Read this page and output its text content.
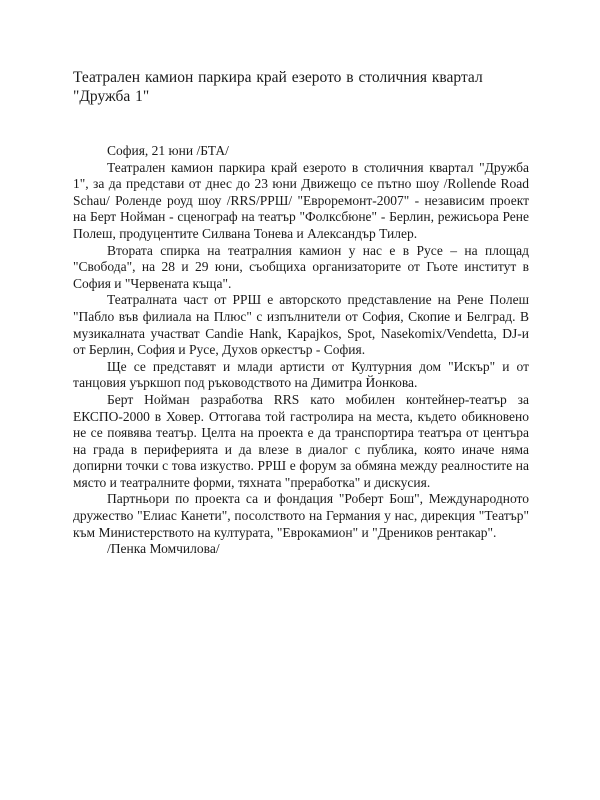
Театрален камион паркира край езерото в столичния квартал "Дружба 1"

София, 21 юни /БТА/

Театрален камион паркира край езерото в столичния квартал "Дружба 1", за да представи от днес до 23 юни Движещо се пътно шоу /Rollende Road Schau/ Роленде роуд шоу /RRS/РРШ/ "Евроремонт-2007" - независим проект на Берт Нойман - сценограф на театър "Фолксбюне" - Берлин, режисьора Рене Полеш, продуцентите Силвана Тонева и Александър Тилер.

Втората спирка на театралния камион у нас е в Русе – на площад "Свобода", на 28 и 29 юни, съобщиха организаторите от Гьоте институт в София и "Червената къща".

Театралната част от РРШ е авторското представление на Рене Полеш "Пабло във филиала на Плюс" с изпълнители от София, Скопие и Белград. В музикалната участват Candie Hank, Kapajkos, Spot, Nasekomix/Vendetta, DJ-и от Берлин, София и Русе, Духов оркестър - София.

Ще се представят и млади артисти от Културния дом "Искър" и от танцовия уъркшоп под ръководството на Димитра Йонкова.

Берт Нойман разработва RRS като мобилен контейнер-театър за ЕКСПО-2000 в Ховер. Оттогава той гастролира на места, където обикновено не се появява театър. Целта на проекта е да транспортира театъра от центъра на града в периферията и да влезе в диалог с публика, която иначе няма допирни точки с това изкуство. РРШ е форум за обмяна между реалностите на място и театралните форми, тяхната "преработка" и дискусия.

Партньори по проекта са и фондация "Роберт Бош", Международното дружество "Елиас Канети", посолството на Германия у нас, дирекция "Театър" към Министерството на културата, "Еврокамион" и "Дреников рентакар".

/Пенка Момчилова/
